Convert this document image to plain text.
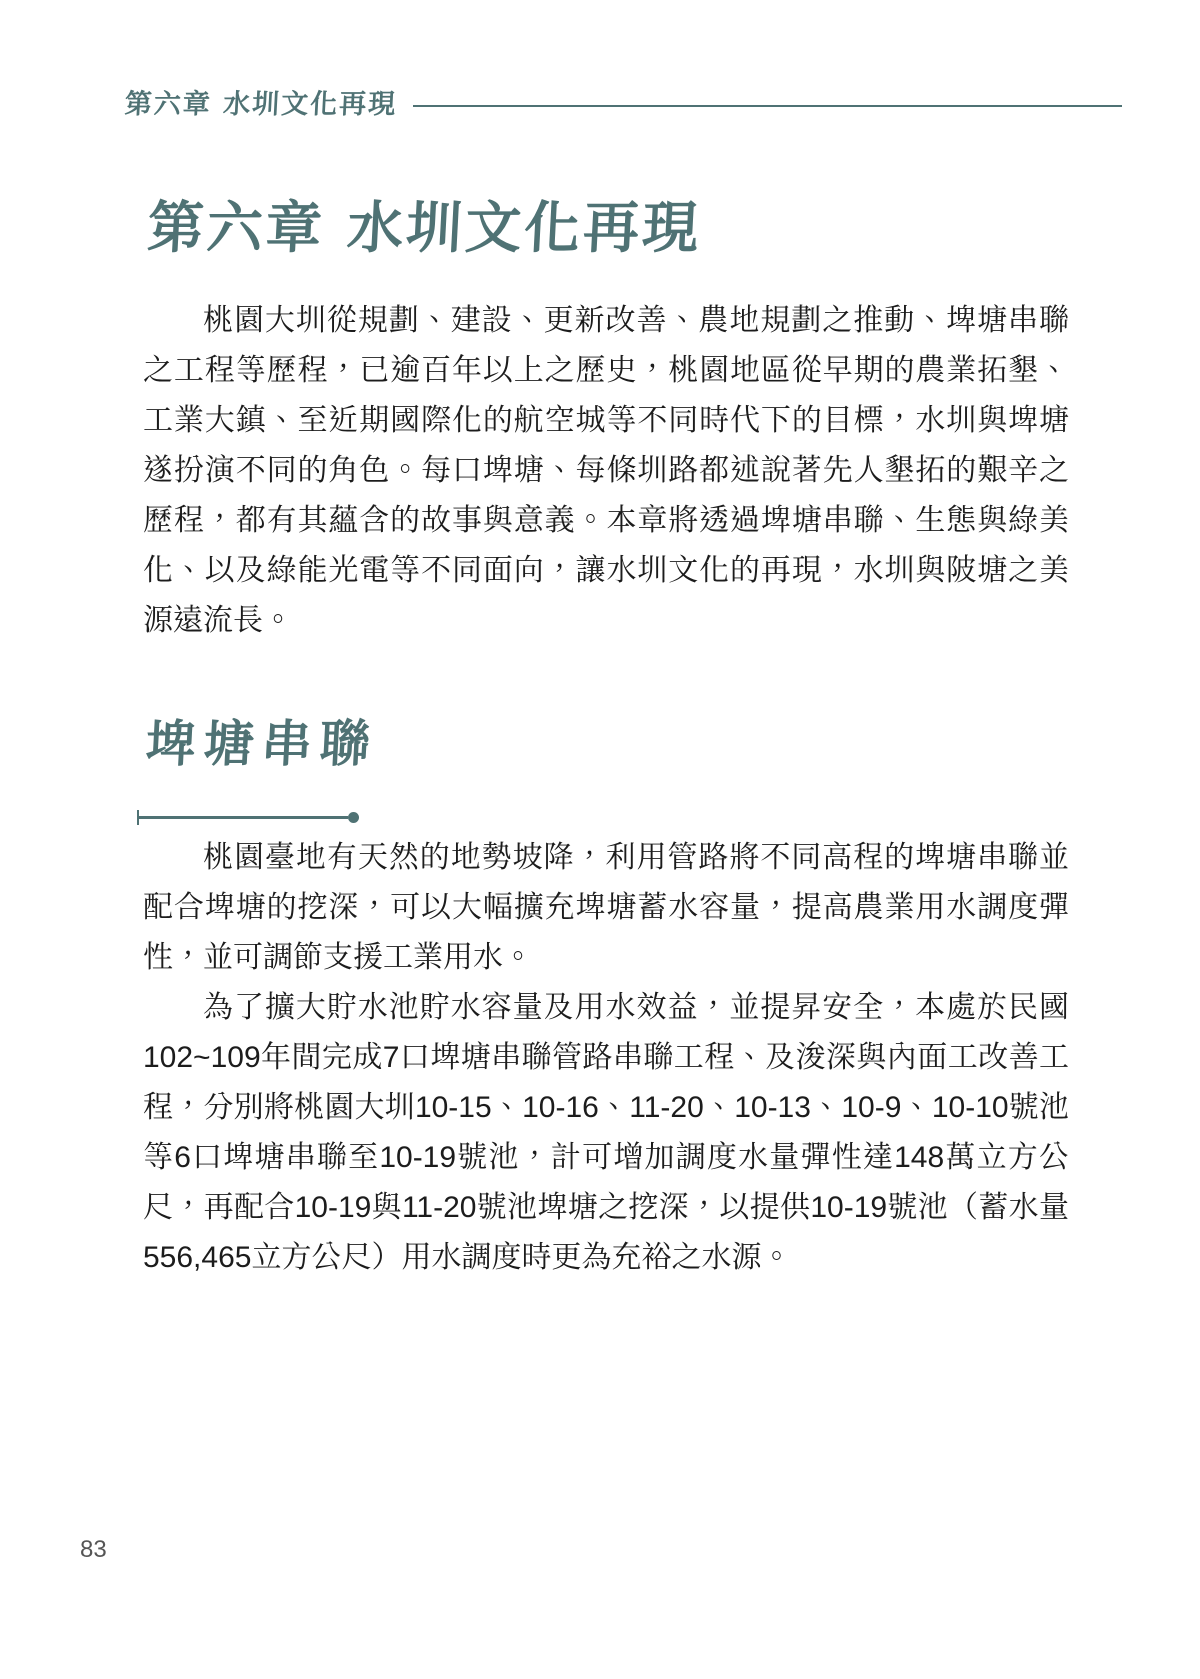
第六章 水圳文化再現
第六章 水圳文化再現

桃園大圳從規劃、建設、更新改善、農地規劃之推動、埤塘串聯之工程等歷程，已逾百年以上之歷史，桃園地區從早期的農業拓墾、工業大鎮、至近期國際化的航空城等不同時代下的目標，水圳與埤塘遂扮演不同的角色。每口埤塘、每條圳路都述說著先人墾拓的艱辛之歷程，都有其蘊含的故事與意義。本章將透過埤塘串聯、生態與綠美化、以及綠能光電等不同面向，讓水圳文化的再現，水圳與陂塘之美源遠流長。

埤塘串聯

桃園臺地有天然的地勢坡降，利用管路將不同高程的埤塘串聯並配合埤塘的挖深，可以大幅擴充埤塘蓄水容量，提高農業用水調度彈性，並可調節支援工業用水。

為了擴大貯水池貯水容量及用水效益，並提昇安全，本處於民國102~109年間完成7口埤塘串聯管路串聯工程、及浚深與內面工改善工程，分別將桃園大圳10-15、10-16、11-20、10-13、10-9、10-10號池等6口埤塘串聯至10-19號池，計可增加調度水量彈性達148萬立方公尺，再配合10-19與11-20號池埤塘之挖深，以提供10-19號池（蓄水量556,465立方公尺）用水調度時更為充裕之水源。

83
